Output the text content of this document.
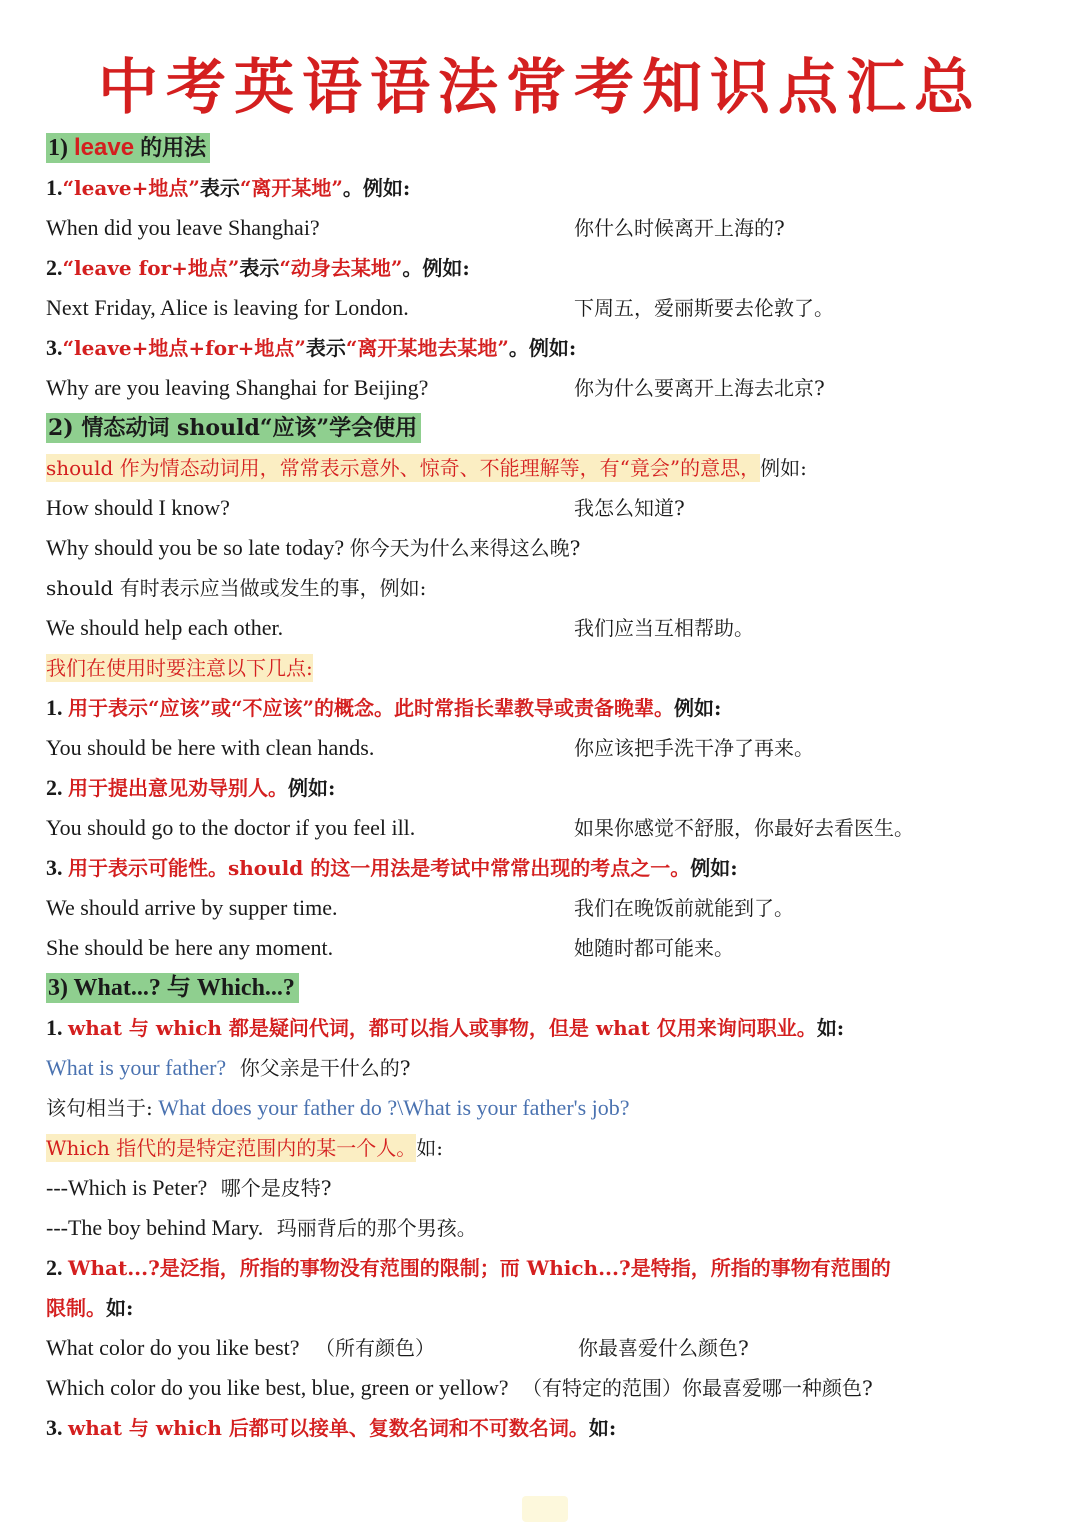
中考英语语法常考知识点汇总
1) leave 的用法
1.“leave+地点”表示“离开某地”。例如:
When did you leave Shanghai?	你什么时候离开上海的?
2.“leave for+地点”表示“动身去某地”。例如:
Next Friday, Alice is leaving for London.	下周五，爱丽斯要去伦敦了。
3.“leave+地点+for+地点”表示“离开某地去某地”。例如:
Why are you leaving Shanghai for Beijing?	你为什么要离开上海去北京?
2) 情态动词 should“应该”学会使用
should 作为情态动词用，常常表示意外、惊奇、不能理解等，有“竟会”的意思，例如:
How should I know?	我怎么知道?
Why should you be so late today? 你今天为什么来得这么晚?
should 有时表示应当做或发生的事，例如:
We should help each other.	我们应当互相帮助。
我们在使用时要注意以下几点:
1. 用于表示“应该”或“不应该”的概念。此时常指长辈教导或责备晚辈。例如:
You should be here with clean hands.	你应该把手洗干净了再来。
2. 用于提出意见劝导别人。例如:
You should go to the doctor if you feel ill.	如果你感觉不舒服，你最好去看医生。
3. 用于表示可能性。should 的这一用法是考试中常常出现的考点之一。例如:
We should arrive by supper time.	我们在晚饭前就能到了。
She should be here any moment.	她随时都可能来。
3) What...? 与 Which...?
1. what 与 which 都是疑问代词，都可以指人或事物，但是 what 仅用来询问职业。如:
What is your father? 你父亲是干什么的?
该句相当于: What does your father do ?\What is your father's job?
Which 指代的是特定范围内的某一个人。如:
---Which is Peter? 哪个是皮特?
---The boy behind Mary. 玛丽背后的那个男孩。
2. What...?是泛指，所指的事物没有范围的限制；而 Which...?是特指，所指的事物有范围的
限制。如:
What color do you like best? （所有颜色）	你最喜爱什么颜色?
Which color do you like best, blue, green or yellow? （有特定的范围）你最喜爱哪一种颜色?
3. what 与 which 后都可以接单、复数名词和不可数名词。如:
